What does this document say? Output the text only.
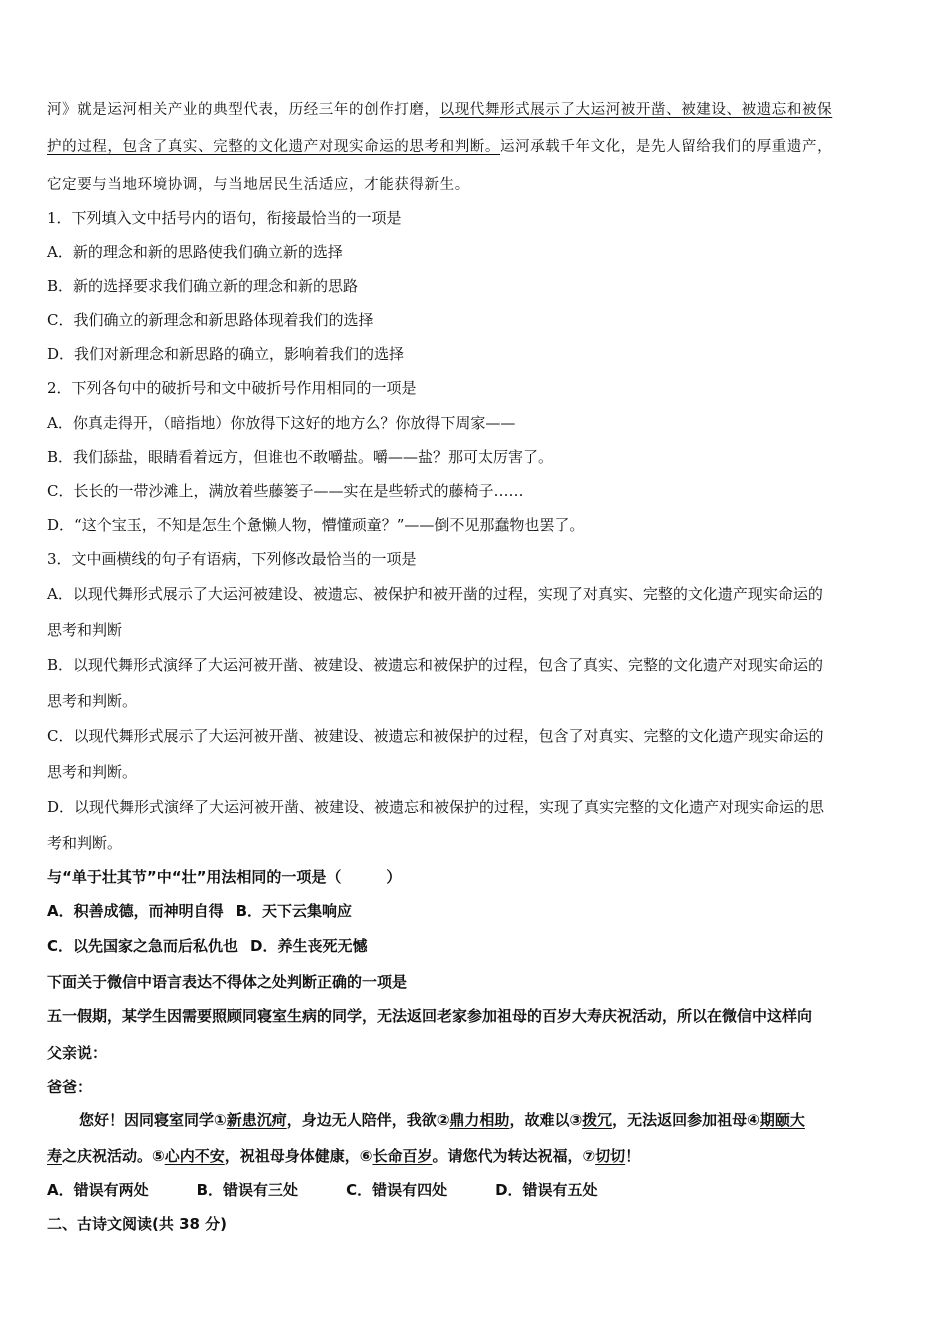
河》就是运河相关产业的典型代表，历经三年的创作打磨，以现代舞形式展示了大运河被开凿、被建设、被遗忘和被保
护的过程，包含了真实、完整的文化遗产对现实命运的思考和判断。运河承载千年文化，是先人留给我们的厚重遗产，
它定要与当地环境协调，与当地居民生活适应，才能获得新生。
1．下列填入文中括号内的语句，衔接最恰当的一项是
A．新的理念和新的思路使我们确立新的选择
B．新的选择要求我们确立新的理念和新的思路
C．我们确立的新理念和新思路体现着我们的选择
D．我们对新理念和新思路的确立，影响着我们的选择
2．下列各句中的破折号和文中破折号作用相同的一项是
A．你真走得开，（暗指地）你放得下这好的地方么？你放得下周家——
B．我们舔盐，眼睛看着远方，但谁也不敢嚼盐。嚼——盐？那可太厉害了。
C．长长的一带沙滩上，满放着些藤篓子——实在是些轿式的藤椅子……
D．“这个宝玉，不知是怎生个惫懒人物，懵懂顽童？”——倒不见那蠢物也罢了。
3．文中画横线的句子有语病，下列修改最恰当的一项是
A．以现代舞形式展示了大运河被建设、被遗忘、被保护和被开凿的过程，实现了对真实、完整的文化遗产现实命运的
思考和判断
B．以现代舞形式演绎了大运河被开凿、被建设、被遗忘和被保护的过程，包含了真实、完整的文化遗产对现实命运的
思考和判断。
C．以现代舞形式展示了大运河被开凿、被建设、被遗忘和被保护的过程，包含了对真实、完整的文化遗产现实命运的
思考和判断。
D．以现代舞形式演绎了大运河被开凿、被建设、被遗忘和被保护的过程，实现了真实完整的文化遗产对现实命运的思
考和判断。
与“单于壮其节”中“壮”用法相同的一项是（　　　）
A．积善成德，而神明自得 B．天下云集响应
C．以先国家之急而后私仇也 D．养生丧死无憾
下面关于微信中语言表达不得体之处判断正确的一项是
五一假期，某学生因需要照顾同寝室生病的同学，无法返回老家参加祖母的百岁大寿庆祝活动，所以在微信中这样向
父亲说：
爸爸：
您好！因同寝室同学①新患沉疴，身边无人陪伴，我欲②鼎力相助，故难以③拨冗，无法返回参加祖母④期颐大
寿之庆祝活动。⑤心内不安，祝祖母身体健康，⑥长命百岁。请您代为转达祝福，⑦切切！
A．错误有两处	B．错误有三处	C．错误有四处	D．错误有五处
二、古诗文阅读(共 38 分)
